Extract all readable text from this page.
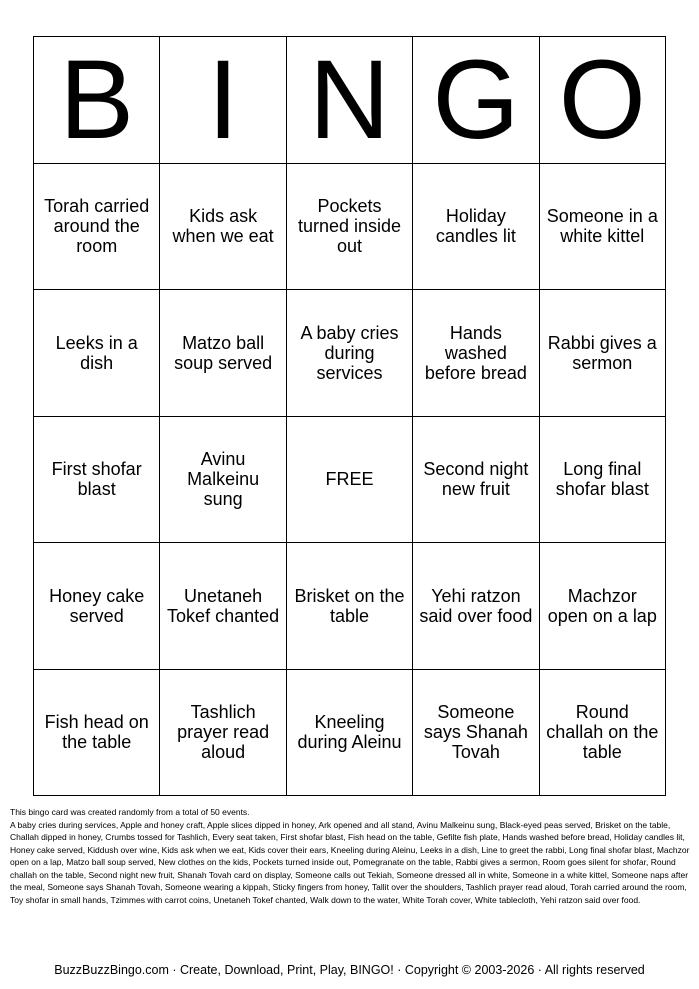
B I N G O
Torah carried around the room
Kids ask when we eat
Pockets turned inside out
Holiday candles lit
Someone in a white kittel
Leeks in a dish
Matzo ball soup served
A baby cries during services
Hands washed before bread
Rabbi gives a sermon
First shofar blast
Avinu Malkeinu sung
FREE	Second night new fruit
Long final shofar blast
Honey cake served
Unetaneh Tokef chanted
Brisket on the table
Yehi ratzon said over food
Machzor open on a lap
Fish head on the table
Tashlich prayer read aloud
Kneeling during Aleinu
Someone says Shanah Tovah
Round challah on the table

This bingo card was created randomly from a total of 50 events.

A baby cries during services, Apple and honey craft, Apple slices dipped in honey, Ark opened and all stand, Avinu Malkeinu sung, Black-eyed peas served, Brisket on the table, Challah dipped in honey, Crumbs tossed for Tashlich, Every seat taken, First shofar blast, Fish head on the table, Gefilte fish plate, Hands washed before bread, Holiday candles lit, Honey cake served, Kiddush over wine, Kids ask when we eat, Kids cover their ears, Kneeling during Aleinu, Leeks in a dish, Line to greet the rabbi, Long final shofar blast, Machzor open on a lap, Matzo ball soup served, New clothes on the kids, Pockets turned inside out, Pomegranate on the table, Rabbi gives a sermon, Room goes silent for shofar, Round challah on the table, Second night new fruit, Shanah Tovah card on display, Someone calls out Tekiah, Someone dressed all in white, Someone in a white kittel, Someone naps after the meal, Someone says Shanah Tovah, Someone wearing a kippah, Sticky fingers from honey, Tallit over the shoulders, Tashlich prayer read aloud, Torah carried around the room, Toy shofar in small hands, Tzimmes with carrot coins, Unetaneh Tokef chanted, Walk down to the water, White Torah cover, White tablecloth, Yehi ratzon said over food.

BuzzBuzzBingo.com · Create, Download, Print, Play, BINGO! · Copyright © 2003-2026 · All rights reserved
